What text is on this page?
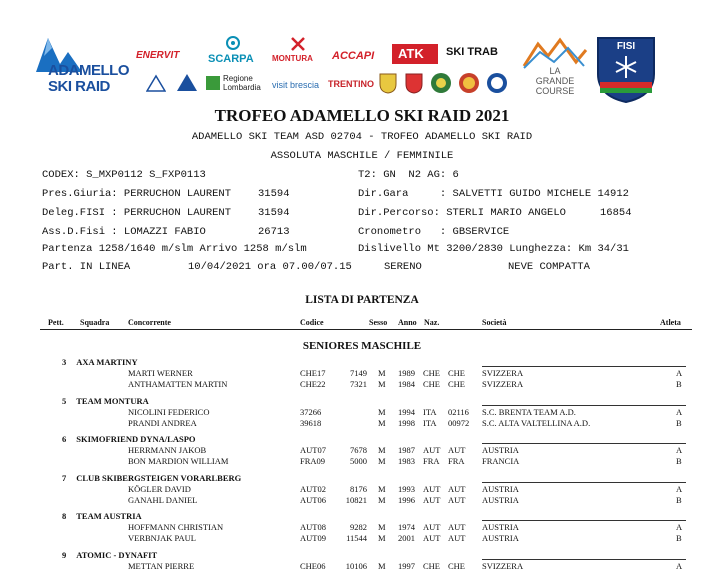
ADAMELLO
SKI RAID
ENERVIT	SCARPA MONTURA ACCAPI ATK SKI TRAB
Regione Lombardia	visit brescia TRENTINO
LA
GRANDE
COURSE
FISI
TROFEO ADAMELLO SKI RAID 2021
ADAMELLO SKI TEAM ASD 02704 - TROFEO ADAMELLO SKI RAID
ASSOLUTA MASCHILE / FEMMINILE
CODEX: S_MXP0112 S_FXP0113	T2: GN  N2 AG: 6
Pres.Giuria: PERRUCHON LAURENT	31594	Dir.Gara     : SALVETTI GUIDO MICHELE 14912
Deleg.FISI : PERRUCHON LAURENT	31594	Dir.Percorso: STERLI MARIO ANGELO	16854
Ass.D.Fisi : LOMAZZI FABIO	26713	Cronometro   : GBSERVICE
Partenza 1258/1640 m/slm Arrivo 1258 m/slm	Dislivello Mt 3200/2830 Lunghezza: Km 34/31
Part. IN LINEA	10/04/2021 ora 07.00/07.15	SERENO	NEVE COMPATTA
LISTA DI PARTENZA
Pett. Squadra Concorrente	Codice	Sesso Anno Naz.	Società	Atleta
SENIORES MASCHILE
3 AXA MARTINY
MARTI WERNER	CHE17	7149 M 1989 CHE CHE SVIZZERA	A
ANTHAMATTEN MARTIN	CHE22	7321 M 1984 CHE CHE SVIZZERA	B
5 TEAM MONTURA
NICOLINI FEDERICO	37266	M 1994 ITA 02116 S.C. BRENTA TEAM A.D.	A
PRANDI ANDREA	39618	M 1998 ITA 00972 S.C. ALTA VALTELLINA A.D.	B
6 SKIMOFRIEND DYNA/LASPO
HERRMANN JAKOB	AUT07	7678 M 1987 AUT AUT AUSTRIA	A
BON MARDION WILLIAM	FRA09	5000 M 1983 FRA FRA FRANCIA	B
7 CLUB SKIBERGSTEIGEN VORARLBERG
KÖGLER DAVID	AUT02	8176 M 1993 AUT AUT AUSTRIA	A
GANAHL DANIEL	AUT06	10821 M 1996 AUT AUT AUSTRIA	B
8 TEAM AUSTRIA
HOFFMANN CHRISTIAN	AUT08	9282 M 1974 AUT AUT AUSTRIA	A
VERBNJAK PAUL	AUT09	11544 M 2001 AUT AUT AUSTRIA	B
9 ATOMIC - DYNAFIT
METTAN PIERRE	CHE06	10106 M 1997 CHE CHE SVIZZERA	A
